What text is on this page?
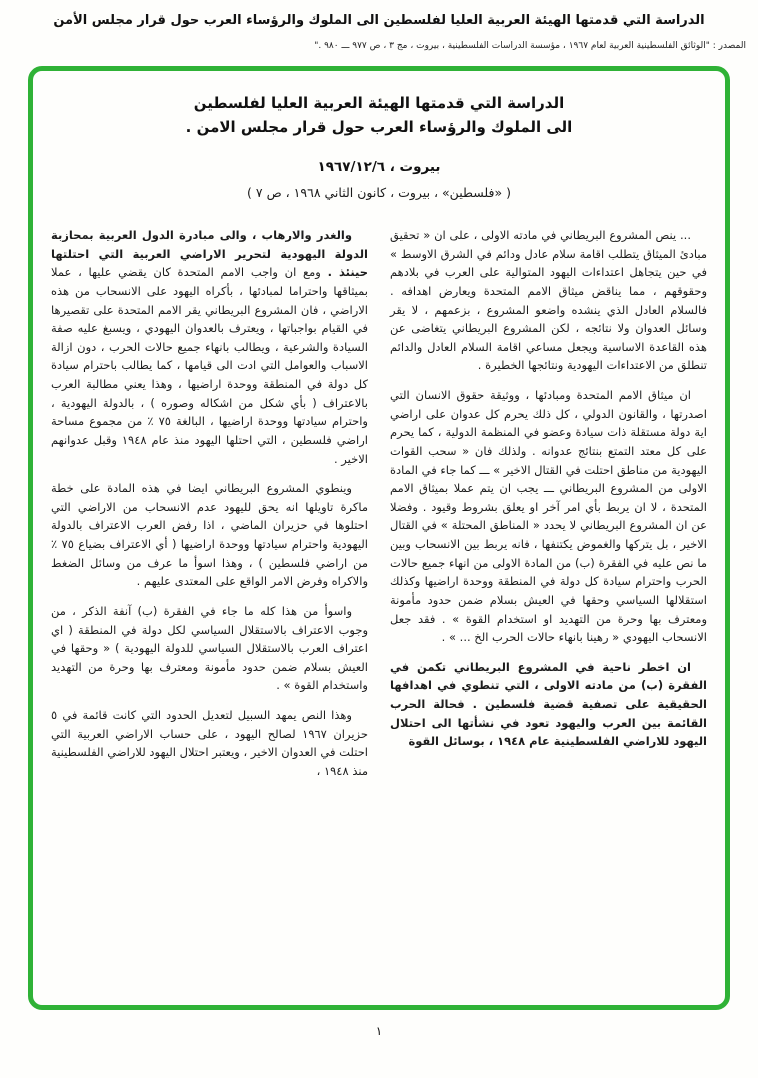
الدراسة التي قدمتها الهيئة العربية العليا لفلسطين الى الملوك والرؤساء العرب حول قرار مجلس الأمن
المصدر : "الوثائق الفلسطينية العربية لعام ١٩٦٧ ، مؤسسة الدراسات الفلسطينية ، بيروت ، مج ٣ ، ص ٩٧٧ ـــ ٩٨٠ ."
الدراسة التي قدمتها الهيئة العربية العليا لفلسطين
الى الملوك والرؤساء العرب حول قرار مجلس الامن .
بيروت ، ١٩٦٧/١٢/٦
( «فلسطين» ، بيروت ، كانون الثاني ١٩٦٨ ، ص ٧ )

... ينص المشروع البريطاني في مادته الاولى ، على ان « تحقيق مبادئ الميثاق يتطلب اقامة سلام عادل ودائم في الشرق الاوسط » في حين يتجاهل اعتداءات اليهود المتوالية على العرب في بلادهم وحقوقهم ، مما يناقض ميثاق الامم المتحدة ويعارض اهدافه . فالسلام العادل الذي ينشده واضعو المشروع ، بزعمهم ، لا يقر وسائل العدوان ولا نتائجه ، لكن المشروع البريطاني يتغاضى عن هذه القاعدة الاساسية ويجعل مساعي اقامة السلام العادل والدائم تنطلق من الاعتداءات اليهودية ونتائجها الخطيرة .

ان ميثاق الامم المتحدة ومبادئها ، ووثيقة حقوق الانسان التي اصدرتها ، والقانون الدولي ، كل ذلك يحرم كل عدوان على اراضي اية دولة مستقلة ذات سيادة وعضو في المنظمة الدولية ، كما يحرم على كل معتد التمتع بنتائج عدوانه . ولذلك فان « سحب القوات اليهودية من مناطق احتلت في القتال الاخير » ـــ كما جاء في المادة الاولى من المشروع البريطاني ـــ يجب ان يتم عملا بميثاق الامم المتحدة ، لا ان يربط بأي امر آخر او يعلق بشروط وقيود . وفضلا عن ان المشروع البريطاني لا يحدد « المناطق المحتلة » في القتال الاخير ، بل يتركها والغموض يكتنفها ، فانه يربط بين الانسحاب وبين ما نص عليه في الفقرة (ب) من المادة الاولى من انهاء جميع حالات الحرب واحترام سيادة كل دولة في المنطقة ووحدة اراضيها وكذلك استقلالها السياسي وحقها في العيش بسلام ضمن حدود مأمونة ومعترف بها وحرة من التهديد او استخدام القوة » . فقد جعل الانسحاب اليهودي « رهينا بانهاء حالات الحرب الخ ... » .

ان اخطر ناحية في المشروع البريطاني تكمن في الفقرة (ب) من مادته الاولى ، التي تنطوي في اهدافها الحقيقية على تصفية قضية فلسطين . فحالة الحرب القائمة بين العرب واليهود تعود في نشأتها الى احتلال اليهود للاراضي الفلسطينية عام ١٩٤٨ ، بوسائل القوة

والغدر والارهاب ، والى مبادرة الدول العربية بمحازبة الدولة اليهودية لتحرير الاراضي العربية التي احتلتها حينئذ . ومع ان واجب الامم المتحدة كان يقضي عليها ، عملا بميثاقها واحتراما لمبادئها ، بأكراه اليهود على الانسحاب من هذه الاراضي ، فان المشروع البريطاني يقر الامم المتحدة على تقصيرها في القيام بواجباتها ، ويعترف بالعدوان اليهودي ، ويسبغ عليه صفة السيادة والشرعية ، ويطالب بانهاء جميع حالات الحرب ، دون ازالة الاسباب والعوامل التي ادت الى قيامها ، كما يطالب باحترام سيادة كل دولة في المنطقة ووحدة اراضيها ، وهذا يعني مطالبة العرب بالاعتراف ( بأي شكل من اشكاله وصوره ) ، بالدولة اليهودية ، واحترام سيادتها ووحدة اراضيها ، البالغة ٧٥ ٪ من مجموع مساحة اراضي فلسطين ، التي احتلها اليهود منذ عام ١٩٤٨ وقبل عدوانهم الاخير .

وينطوي المشروع البريطاني ايضا في هذه المادة على خطة ماكرة تاويلها انه يحق لليهود عدم الانسحاب من الاراضي التي احتلوها في حزيران الماضي ، اذا رفض العرب الاعتراف بالدولة اليهودية واحترام سيادتها ووحدة اراضيها ( أي الاعتراف بضياع ٧٥ ٪ من اراضي فلسطين ) ، وهذا اسوأ ما عرف من وسائل الضغط والاكراه وفرض الامر الواقع على المعتدى عليهم .

واسوأ من هذا كله ما جاء في الفقرة (ب) آنفة الذكر ، من وجوب الاعتراف بالاستقلال السياسي لكل دولة في المنطقة ( اي اعتراف العرب بالاستقلال السياسي للدولة اليهودية ) « وحقها في العيش بسلام ضمن حدود مأمونة ومعترف بها وحرة من التهديد واستخدام القوة » .

وهذا النص يمهد السبيل لتعديل الحدود التي كانت قائمة في ٥ حزيران ١٩٦٧ لصالح اليهود ، على حساب الاراضي العربية التي احتلت في العدوان الاخير ، ويعتبر احتلال اليهود للاراضي الفلسطينية منذ ١٩٤٨ ،

١
